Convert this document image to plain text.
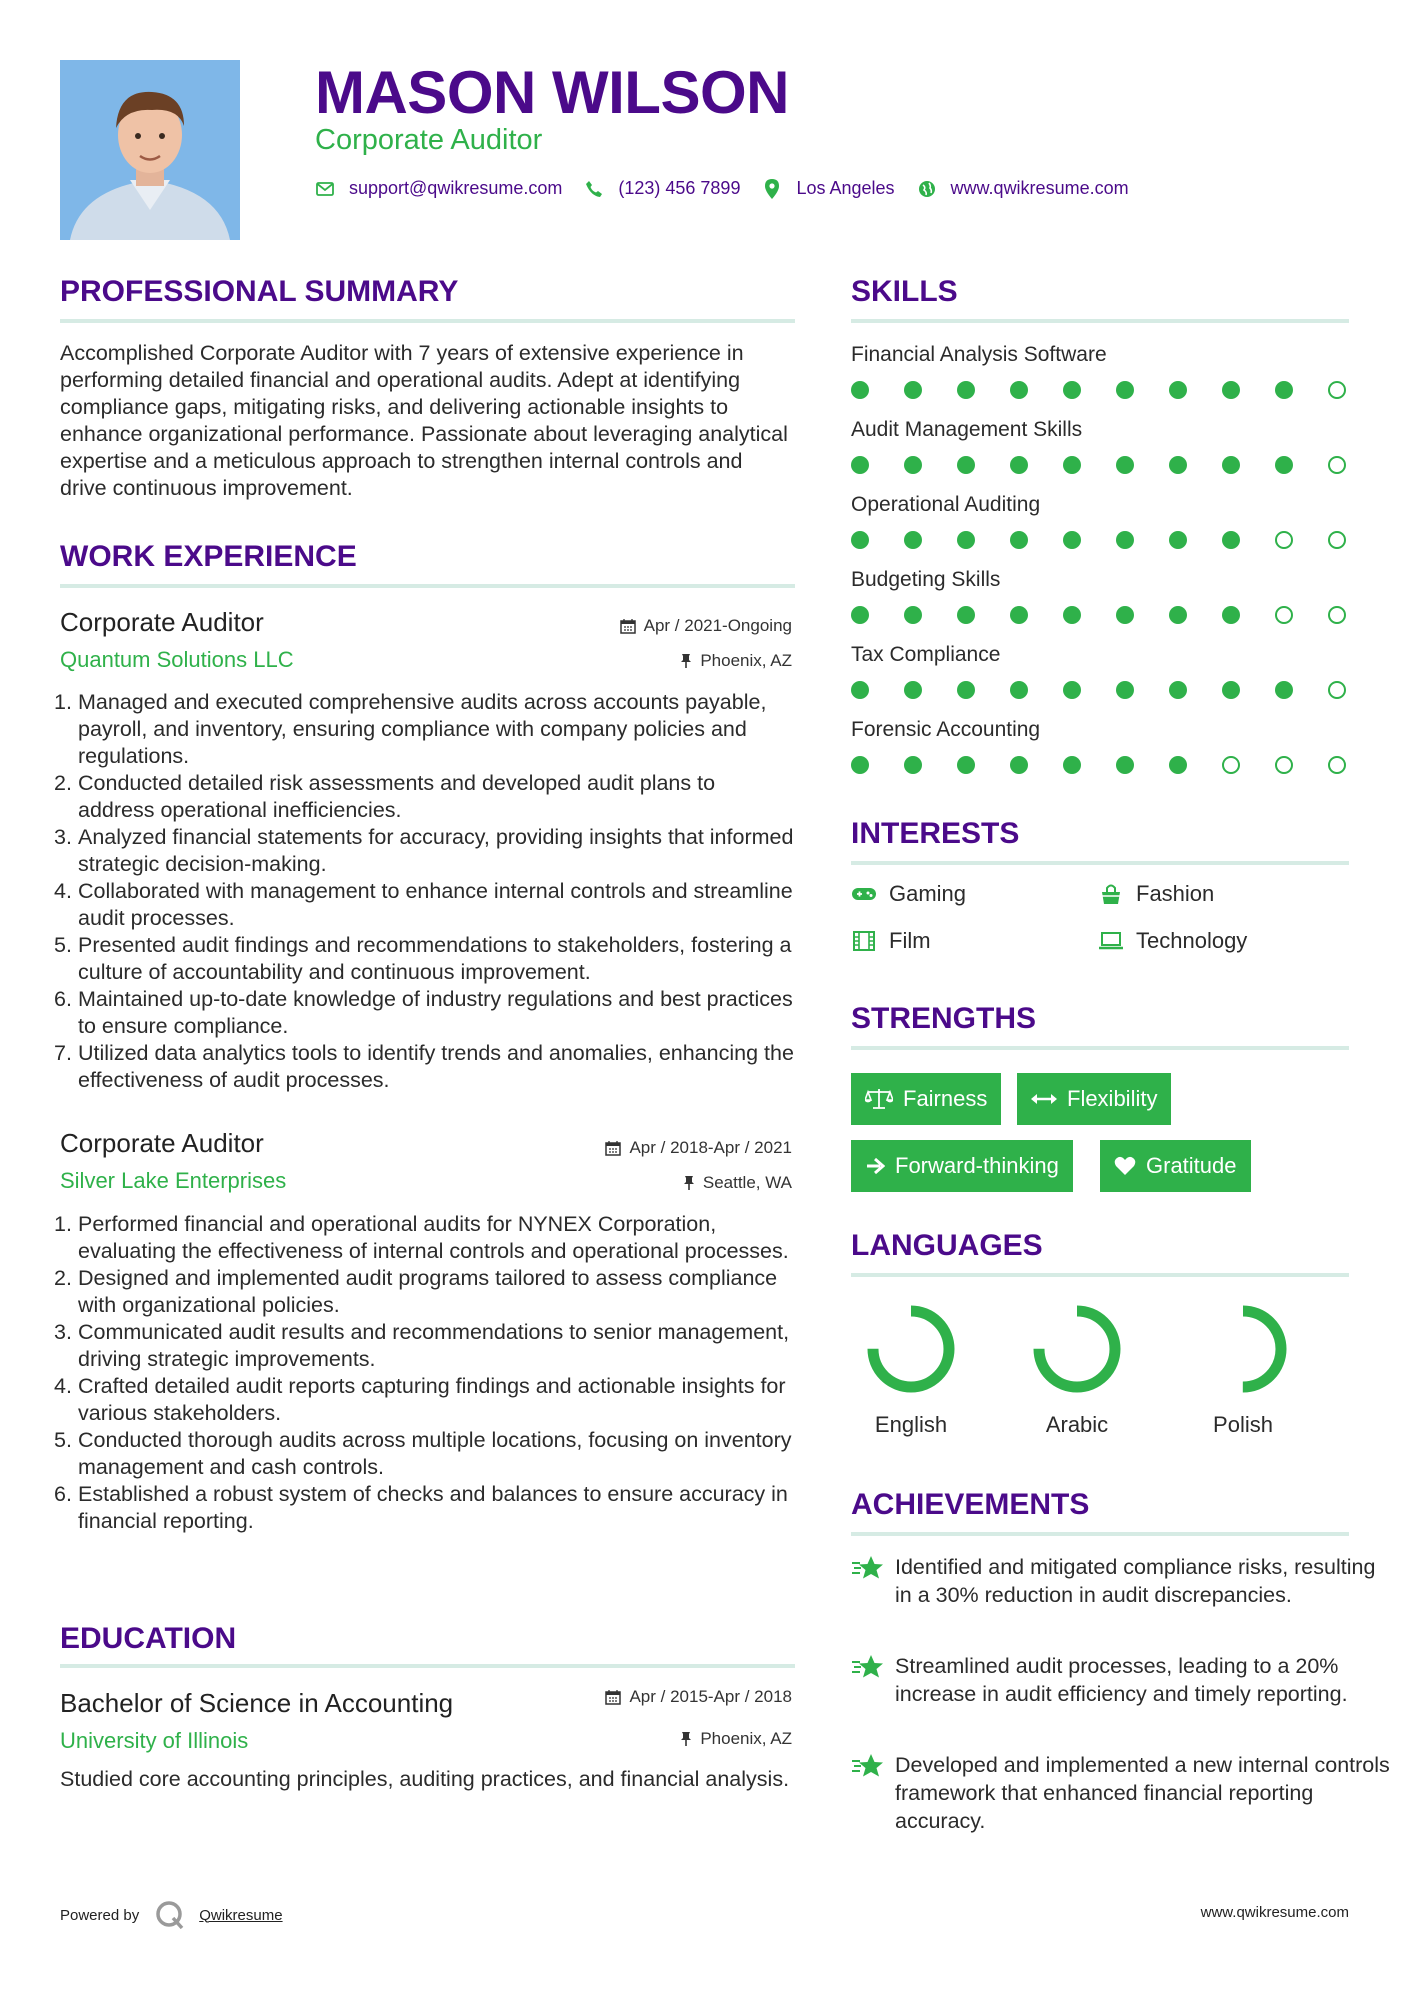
MASON WILSON
Corporate Auditor
support@qwikresume.com	(123) 456 7899	Los Angeles	www.qwikresume.com
PROFESSIONAL SUMMARY
Accomplished Corporate Auditor with 7 years of extensive experience in performing detailed financial and operational audits. Adept at identifying compliance gaps, mitigating risks, and delivering actionable insights to enhance organizational performance. Passionate about leveraging analytical expertise and a meticulous approach to strengthen internal controls and drive continuous improvement.
WORK EXPERIENCE
Corporate Auditor	Apr / 2021-Ongoing
Quantum Solutions LLC	Phoenix, AZ
Managed and executed comprehensive audits across accounts payable, payroll, and inventory, ensuring compliance with company policies and regulations.
Conducted detailed risk assessments and developed audit plans to address operational inefficiencies.
Analyzed financial statements for accuracy, providing insights that informed strategic decision-making.
Collaborated with management to enhance internal controls and streamline audit processes.
Presented audit findings and recommendations to stakeholders, fostering a culture of accountability and continuous improvement.
Maintained up-to-date knowledge of industry regulations and best practices to ensure compliance.
Utilized data analytics tools to identify trends and anomalies, enhancing the effectiveness of audit processes.
Corporate Auditor	Apr / 2018-Apr / 2021
Silver Lake Enterprises	Seattle, WA
Performed financial and operational audits for NYNEX Corporation, evaluating the effectiveness of internal controls and operational processes.
Designed and implemented audit programs tailored to assess compliance with organizational policies.
Communicated audit results and recommendations to senior management, driving strategic improvements.
Crafted detailed audit reports capturing findings and actionable insights for various stakeholders.
Conducted thorough audits across multiple locations, focusing on inventory management and cash controls.
Established a robust system of checks and balances to ensure accuracy in financial reporting.
EDUCATION
Bachelor of Science in Accounting	Apr / 2015-Apr / 2018
University of Illinois	Phoenix, AZ
Studied core accounting principles, auditing practices, and financial analysis.
SKILLS
Financial Analysis Software
Audit Management Skills
Operational Auditing
Budgeting Skills
Tax Compliance
Forensic Accounting
INTERESTS
Gaming	Fashion
Film	Technology
STRENGTHS
Fairness	Flexibility
Forward-thinking	Gratitude
LANGUAGES
English	Arabic	Polish
ACHIEVEMENTS
Identified and mitigated compliance risks, resulting in a 30% reduction in audit discrepancies.
Streamlined audit processes, leading to a 20% increase in audit efficiency and timely reporting.
Developed and implemented a new internal controls framework that enhanced financial reporting accuracy.
Powered by	Qwikresume	www.qwikresume.com
